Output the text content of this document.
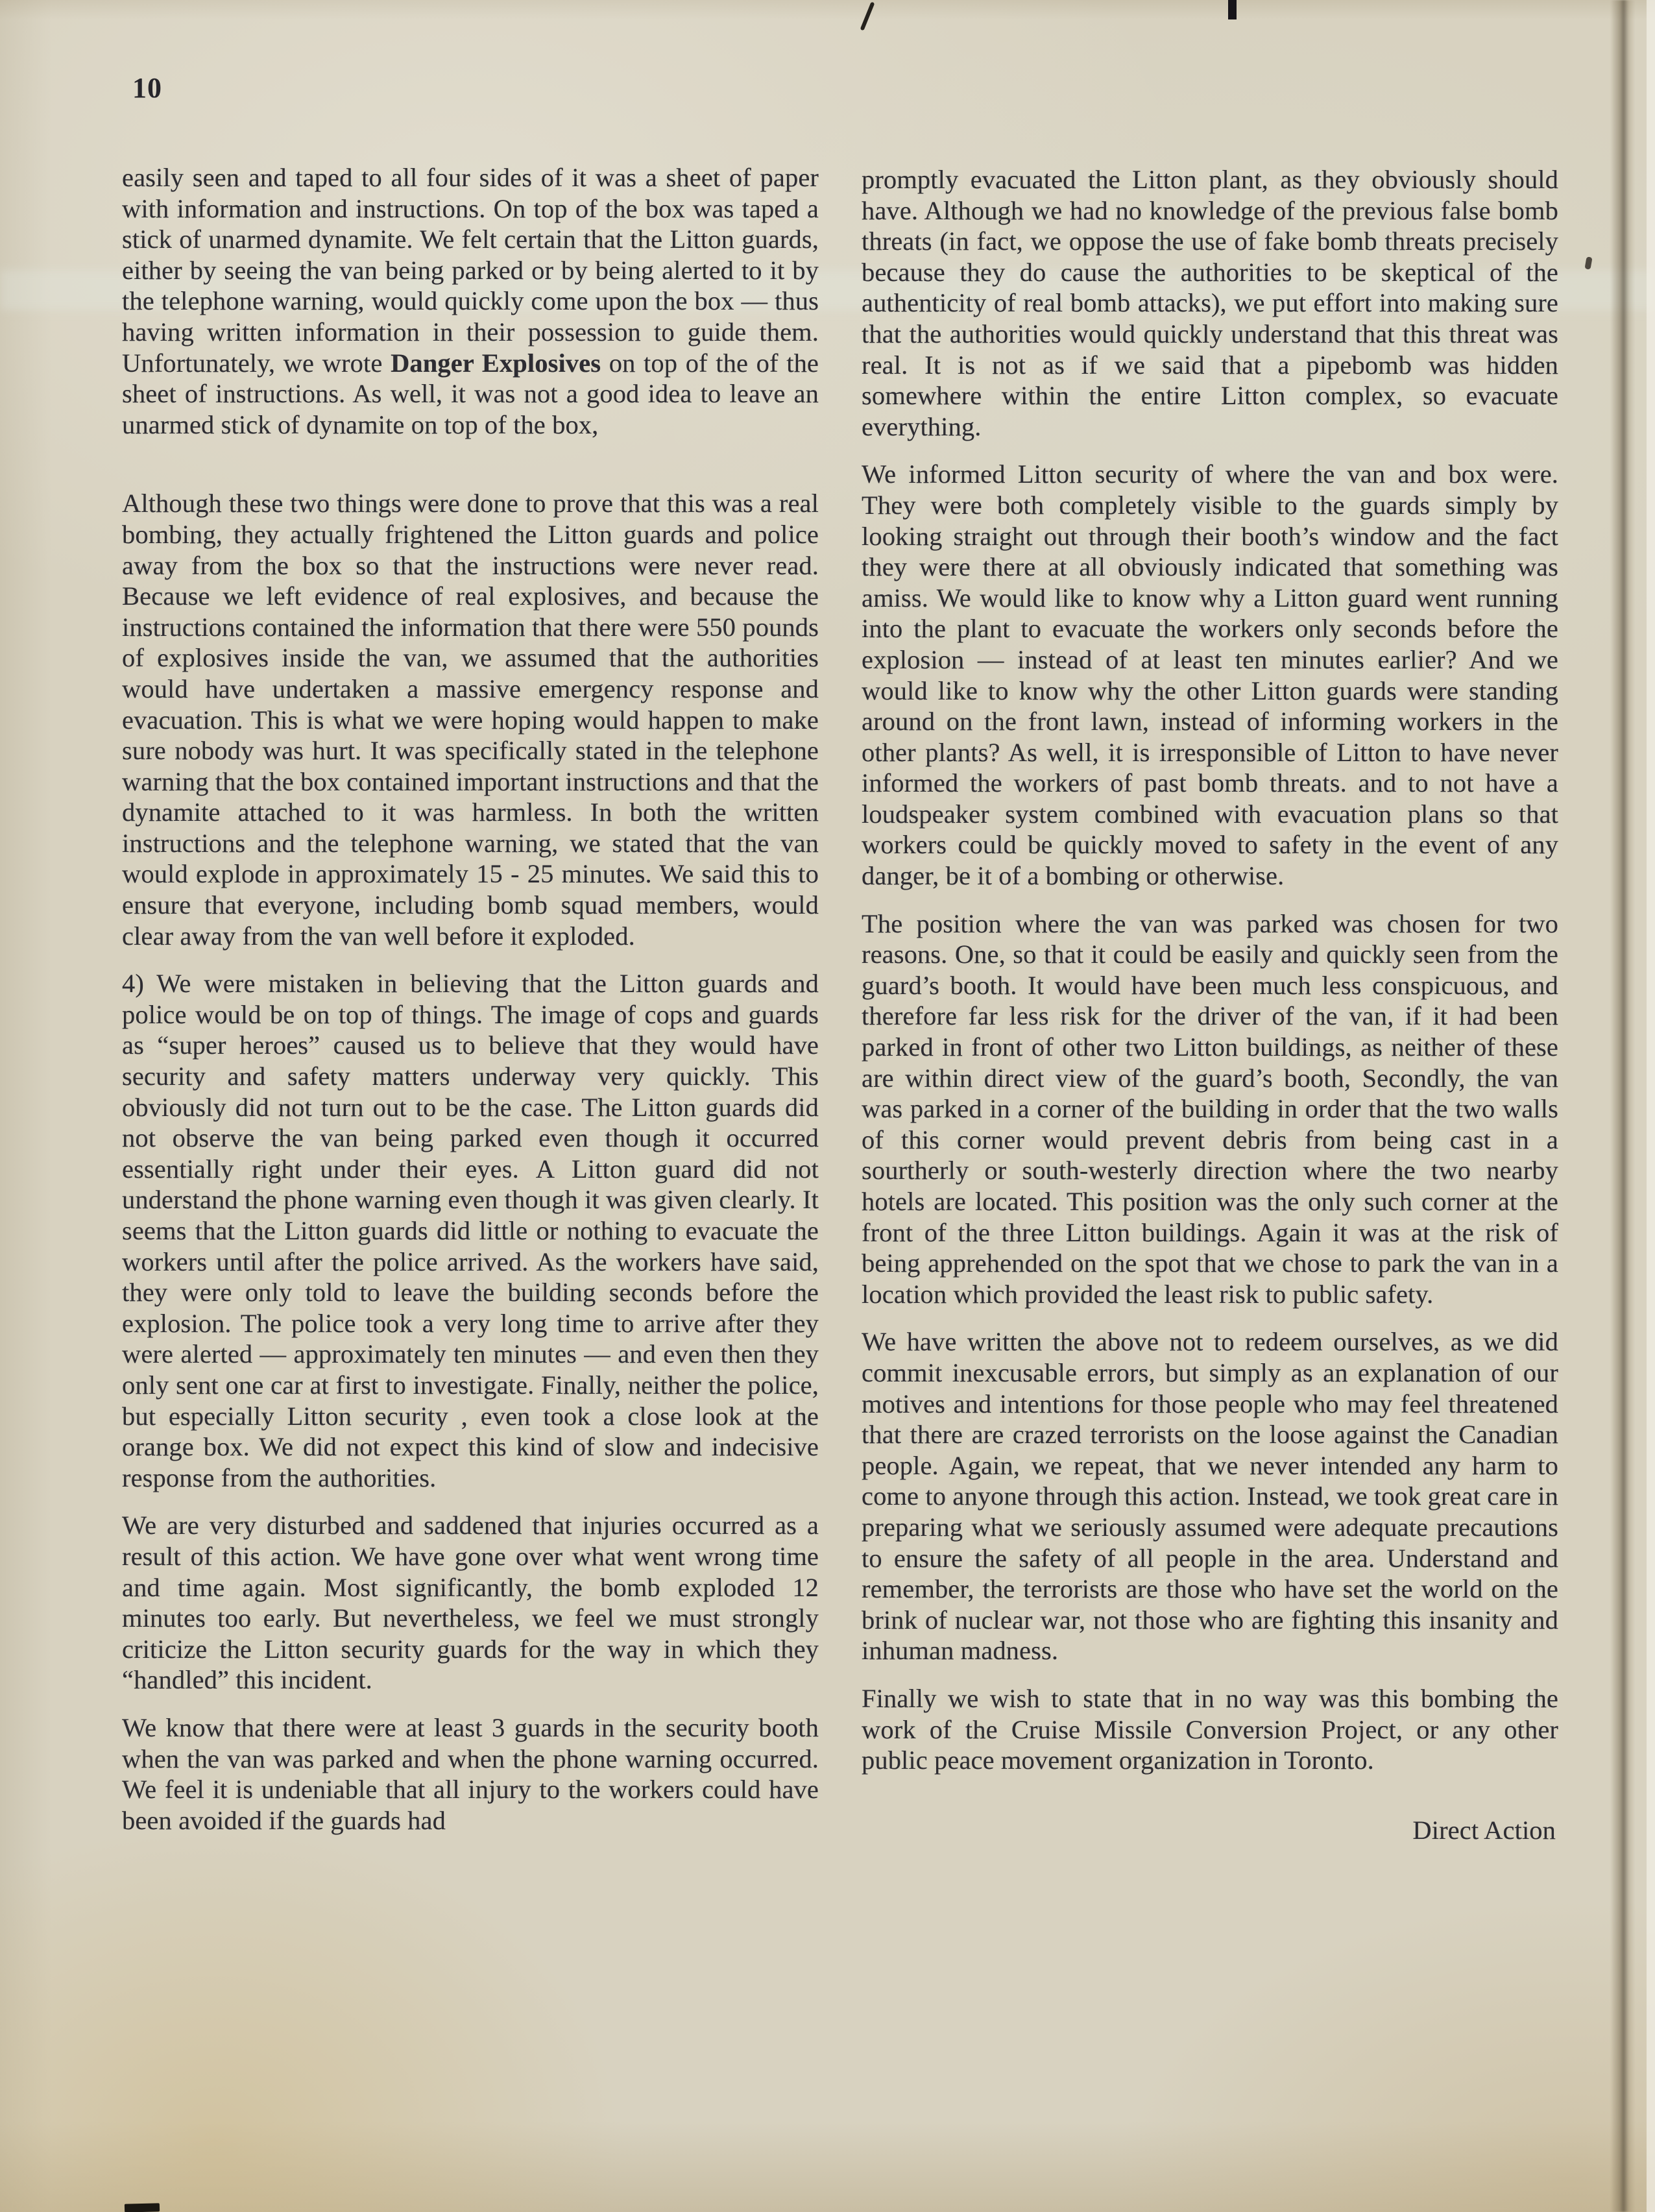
10

easily seen and taped to all four sides of it was a sheet of paper with information and instructions. On top of the box was taped a stick of unarmed dynamite. We felt certain that the Litton guards, either by seeing the van being parked or by being alerted to it by the telephone warning, would quickly come upon the box — thus having written information in their possession to guide them. Unfortunately, we wrote Danger Explosives on top of the of the sheet of instructions. As well, it was not a good idea to leave an unarmed stick of dynamite on top of the box,

Although these two things were done to prove that this was a real bombing, they actually frightened the Litton guards and police away from the box so that the instructions were never read. Because we left evidence of real explosives, and because the instructions contained the information that there were 550 pounds of explosives inside the van, we assumed that the authorities would have undertaken a massive emergency response and evacuation. This is what we were hoping would happen to make sure nobody was hurt. It was specifically stated in the telephone warning that the box contained important instructions and that the dynamite attached to it was harmless. In both the written instructions and the telephone warning, we stated that the van would explode in approximately 15 - 25 minutes. We said this to ensure that everyone, including bomb squad members, would clear away from the van well before it exploded.

4) We were mistaken in believing that the Litton guards and police would be on top of things. The image of cops and guards as “super heroes” caused us to believe that they would have security and safety matters underway very quickly. This obviously did not turn out to be the case. The Litton guards did not observe the van being parked even though it occurred essentially right under their eyes. A Litton guard did not understand the phone warning even though it was given clearly. It seems that the Litton guards did little or nothing to evacuate the workers until after the police arrived. As the workers have said, they were only told to leave the building seconds before the explosion. The police took a very long time to arrive after they were alerted — approximately ten minutes — and even then they only sent one car at first to investigate. Finally, neither the police, but especially Litton security , even took a close look at the orange box. We did not expect this kind of slow and indecisive response from the authorities.

We are very disturbed and saddened that injuries occurred as a result of this action. We have gone over what went wrong time and time again. Most significantly, the bomb exploded 12 minutes too early. But nevertheless, we feel we must strongly criticize the Litton security guards for the way in which they “handled” this incident.

We know that there were at least 3 guards in the security booth when the van was parked and when the phone warning occurred. We feel it is undeniable that all injury to the workers could have been avoided if the guards had

promptly evacuated the Litton plant, as they obviously should have. Although we had no knowledge of the previous false bomb threats (in fact, we oppose the use of fake bomb threats precisely because they do cause the authorities to be skeptical of the authenticity of real bomb attacks), we put effort into making sure that the authorities would quickly understand that this threat was real. It is not as if we said that a pipebomb was hidden somewhere within the entire Litton complex, so evacuate everything.

We informed Litton security of where the van and box were. They were both completely visible to the guards simply by looking straight out through their booth’s window and the fact they were there at all obviously indicated that something was amiss. We would like to know why a Litton guard went running into the plant to evacuate the workers only seconds before the explosion — instead of at least ten minutes earlier? And we would like to know why the other Litton guards were standing around on the front lawn, instead of informing workers in the other plants? As well, it is irresponsible of Litton to have never informed the workers of past bomb threats. and to not have a loudspeaker system combined with evacuation plans so that workers could be quickly moved to safety in the event of any danger, be it of a bombing or otherwise.

The position where the van was parked was chosen for two reasons. One, so that it could be easily and quickly seen from the guard’s booth. It would have been much less conspicuous, and therefore far less risk for the driver of the van, if it had been parked in front of other two Litton buildings, as neither of these are within direct view of the guard’s booth, Secondly, the van was parked in a corner of the building in order that the two walls of this corner would prevent debris from being cast in a sourtherly or south-westerly direction where the two nearby hotels are located. This position was the only such corner at the front of the three Litton buildings. Again it was at the risk of being apprehended on the spot that we chose to park the van in a location which provided the least risk to public safety.

We have written the above not to redeem ourselves, as we did commit inexcusable errors, but simply as an explanation of our motives and intentions for those people who may feel threatened that there are crazed terrorists on the loose against the Canadian people. Again, we repeat, that we never intended any harm to come to anyone through this action. Instead, we took great care in preparing what we seriously assumed were adequate precautions to ensure the safety of all people in the area. Understand and remember, the terrorists are those who have set the world on the brink of nuclear war, not those who are fighting this insanity and inhuman madness.

Finally we wish to state that in no way was this bombing the work of the Cruise Missile Conversion Project, or any other public peace movement organization in Toronto.

Direct Action
